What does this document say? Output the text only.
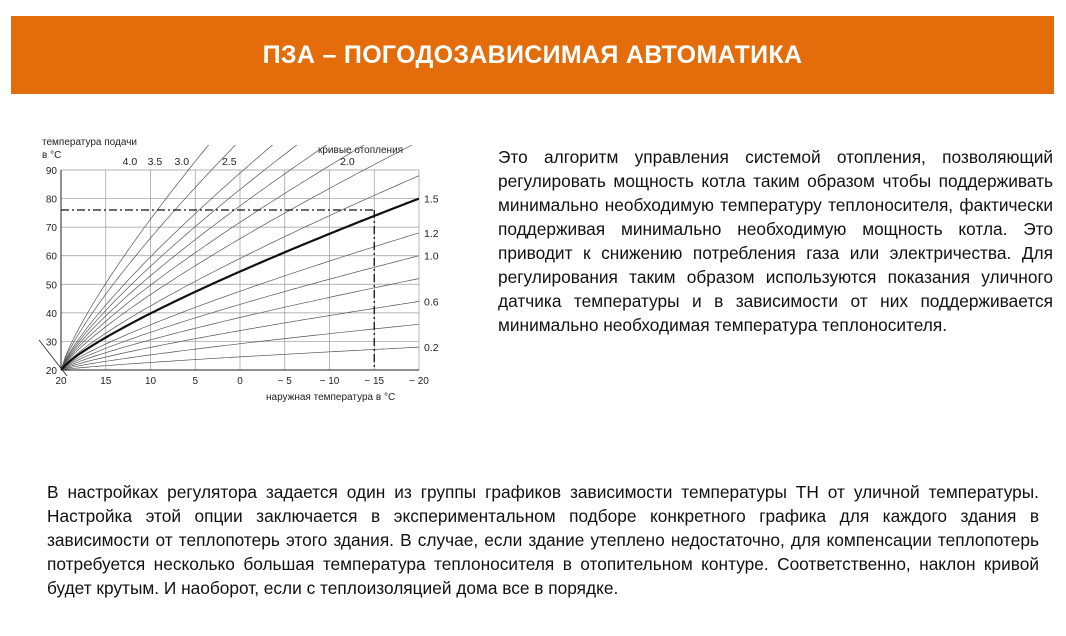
ПЗА – ПОГОДОЗАВИСИМАЯ АВТОМАТИКА
температура подачи
в °C	кривые отопления
наружная температура в °C
20
30
40
50
60
70
80
90
20	15	10	5	0	− 5	− 10	− 15	− 20
4.0 3.5 3.0	2.5	2.0
1.5
1.2
1.0
0.6
0.2

Это алгоритм управления системой отопления, позволяющий регулировать мощность котла таким образом чтобы поддерживать минимально необходимую температуру теплоносителя, фактически поддерживая минимально необходимую мощность котла. Это приводит к снижению потребления газа или электричества. Для регулирования таким образом используются показания уличного датчика температуры и в зависимости от них поддерживается минимально необходимая температура теплоносителя.

В настройках регулятора задается один из группы графиков зависимости температуры ТН от уличной температуры. Настройка этой опции заключается в экспериментальном подборе конкретного графика для каждого здания в зависимости от теплопотерь этого здания. В случае, если здание утеплено недостаточно, для компенсации теплопотерь потребуется несколько большая температура теплоносителя в отопительном контуре. Соответственно, наклон кривой будет крутым. И наоборот, если с теплоизоляцией дома все в порядке.
